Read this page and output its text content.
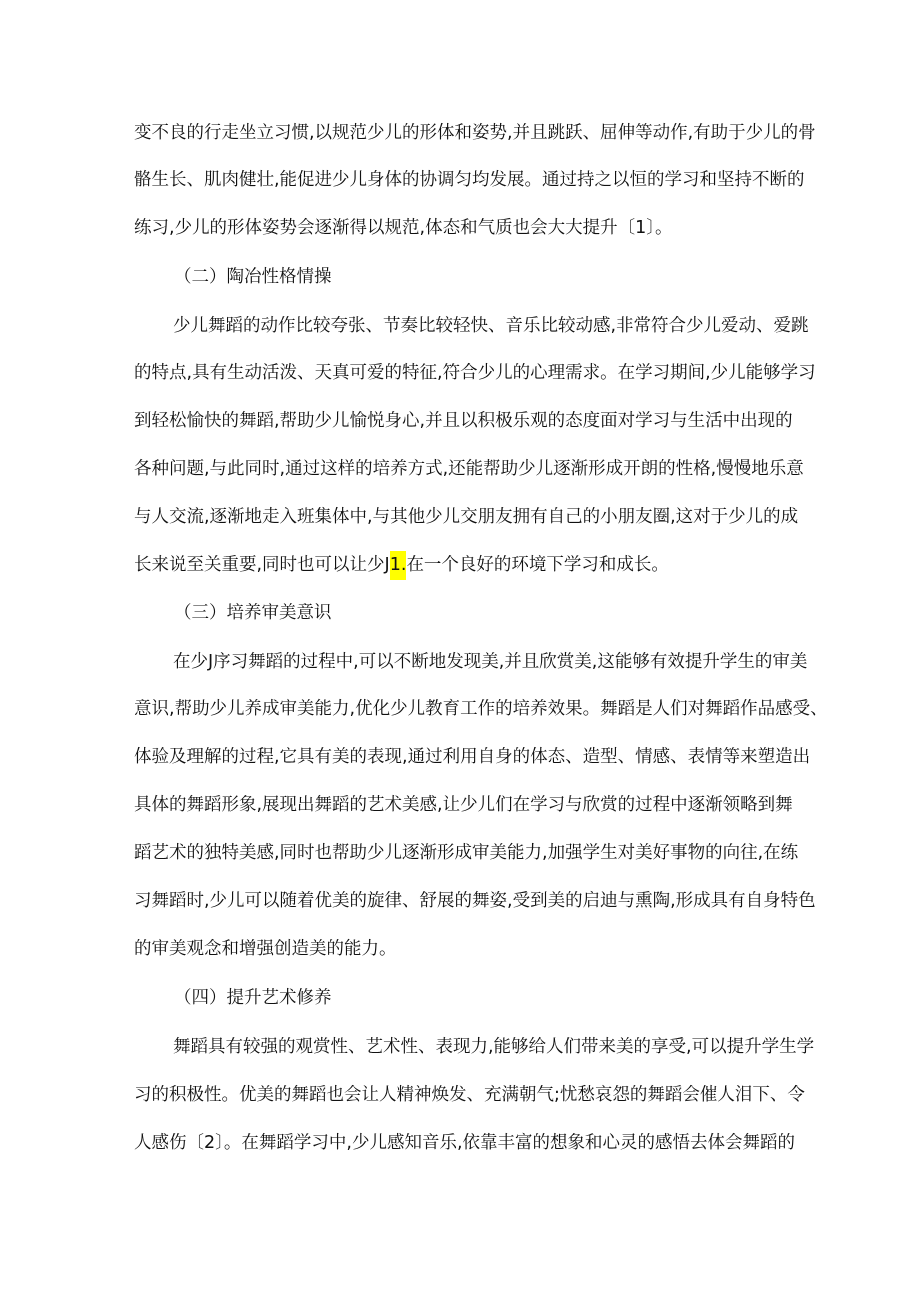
变不良的行走坐立习惯,以规范少儿的形体和姿势,并且跳跃、屈伸等动作,有助于少儿的骨
骼生长、肌肉健壮,能促进少儿身体的协调匀均发展。通过持之以恒的学习和坚持不断的
练习,少儿的形体姿势会逐渐得以规范,体态和气质也会大大提升〔1〕。
（二）陶冶性格情操
少儿舞蹈的动作比较夸张、节奏比较轻快、音乐比较动感,非常符合少儿爱动、爱跳
的特点,具有生动活泼、天真可爱的特征,符合少儿的心理需求。在学习期间,少儿能够学习
到轻松愉快的舞蹈,帮助少儿愉悦身心,并且以积极乐观的态度面对学习与生活中出现的
各种问题,与此同时,通过这样的培养方式,还能帮助少儿逐渐形成开朗的性格,慢慢地乐意
与人交流,逐渐地走入班集体中,与其他少儿交朋友拥有自己的小朋友圈,这对于少儿的成
长来说至关重要,同时也可以让少J1.在一个良好的环境下学习和成长。
（三）培养审美意识
在少J序习舞蹈的过程中,可以不断地发现美,并且欣赏美,这能够有效提升学生的审美
意识,帮助少儿养成审美能力,优化少儿教育工作的培养效果。舞蹈是人们对舞蹈作品感受、
体验及理解的过程,它具有美的表现,通过利用自身的体态、造型、情感、表情等来塑造出
具体的舞蹈形象,展现出舞蹈的艺术美感,让少儿们在学习与欣赏的过程中逐渐领略到舞
蹈艺术的独特美感,同时也帮助少儿逐渐形成审美能力,加强学生对美好事物的向往,在练
习舞蹈时,少儿可以随着优美的旋律、舒展的舞姿,受到美的启迪与熏陶,形成具有自身特色
的审美观念和增强创造美的能力。
（四）提升艺术修养
舞蹈具有较强的观赏性、艺术性、表现力,能够给人们带来美的享受,可以提升学生学
习的积极性。优美的舞蹈也会让人精神焕发、充满朝气;忧愁哀怨的舞蹈会催人泪下、令
人感伤〔2〕。在舞蹈学习中,少儿感知音乐,依靠丰富的想象和心灵的感悟去体会舞蹈的
